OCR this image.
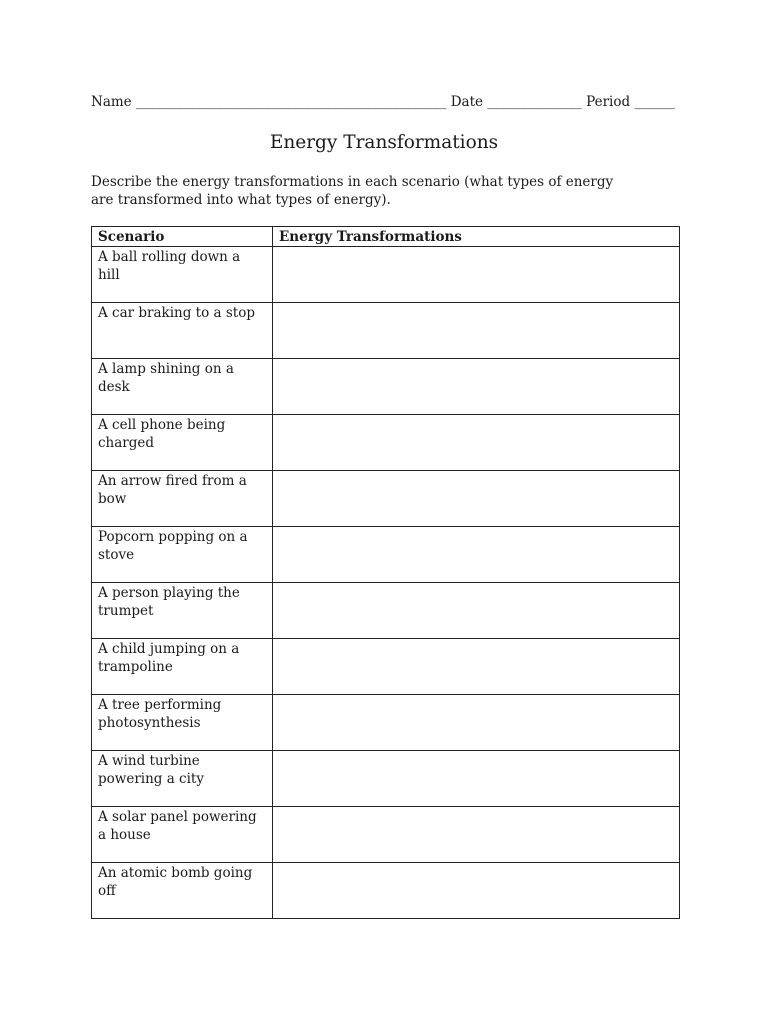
Name ______________________________________________ Date ______________ Period ______
Energy Transformations
Describe the energy transformations in each scenario (what types of energy are transformed into what types of energy).
Scenario	Energy Transformations
A ball rolling down a hill	
A car braking to a stop	
A lamp shining on a desk	
A cell phone being charged	
An arrow fired from a bow	
Popcorn popping on a stove	
A person playing the trumpet	
A child jumping on a trampoline	
A tree performing photosynthesis	
A wind turbine powering a city	
A solar panel powering a house	
An atomic bomb going off	
